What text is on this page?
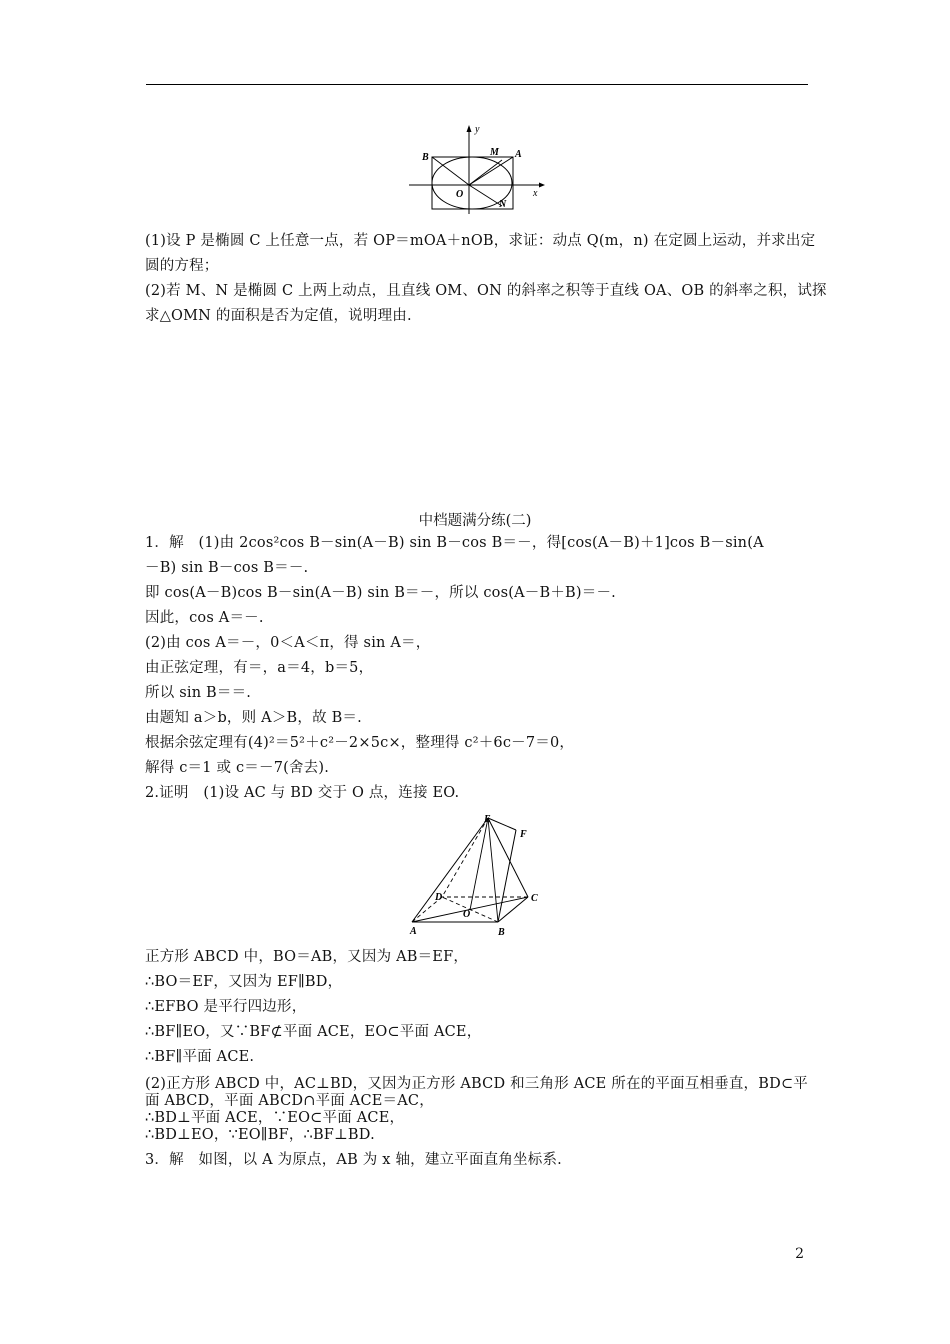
y
x
B	M A
O
N
(1)设 P 是椭圆 C 上任意一点，若 OP＝mOA＋nOB，求证：动点 Q(m，n) 在定圆上运动，并求出定
圆的方程；
(2)若 M、N 是椭圆 C 上两上动点，且直线 OM、ON 的斜率之积等于直线 OA、OB 的斜率之积，试探
求△OMN 的面积是否为定值，说明理由.
中档题满分练(二)
1．解　(1)由 2cos²cos B－sin(A－B) sin B－cos B＝－，得[cos(A－B)＋1]cos B－sin(A
－B) sin B－cos B＝－.
即 cos(A－B)cos B－sin(A－B) sin B＝－，所以 cos(A－B＋B)＝－.
因此，cos A＝－.
(2)由 cos A＝－，0＜A＜π，得 sin A＝，
由正弦定理，有＝，a＝4，b＝5，
所以 sin B＝＝.
由题知 a＞b，则 A＞B，故 B＝.
根据余弦定理有(4)²＝5²＋c²－2×5c×，整理得 c²＋6c－7＝0，
解得 c＝1 或 c＝－7(舍去).
2.证明　(1)设 AC 与 BD 交于 O 点，连接 EO.
E
F
D	C
O
A	B
正方形 ABCD 中，BO＝AB，又因为 AB＝EF，
∴BO＝EF，又因为 EF∥BD，
∴EFBO 是平行四边形，
∴BF∥EO，又∵BF⊄平面 ACE，EO⊂平面 ACE，
∴BF∥平面 ACE.
(2)正方形 ABCD 中，AC⊥BD，又因为正方形 ABCD 和三角形 ACE 所在的平面互相垂直，BD⊂平
面 ABCD，平面 ABCD∩平面 ACE＝AC，
∴BD⊥平面 ACE，∵EO⊂平面 ACE，
∴BD⊥EO，∵EO∥BF，∴BF⊥BD.
3．解　如图，以 A 为原点，AB 为 x 轴，建立平面直角坐标系.
2
